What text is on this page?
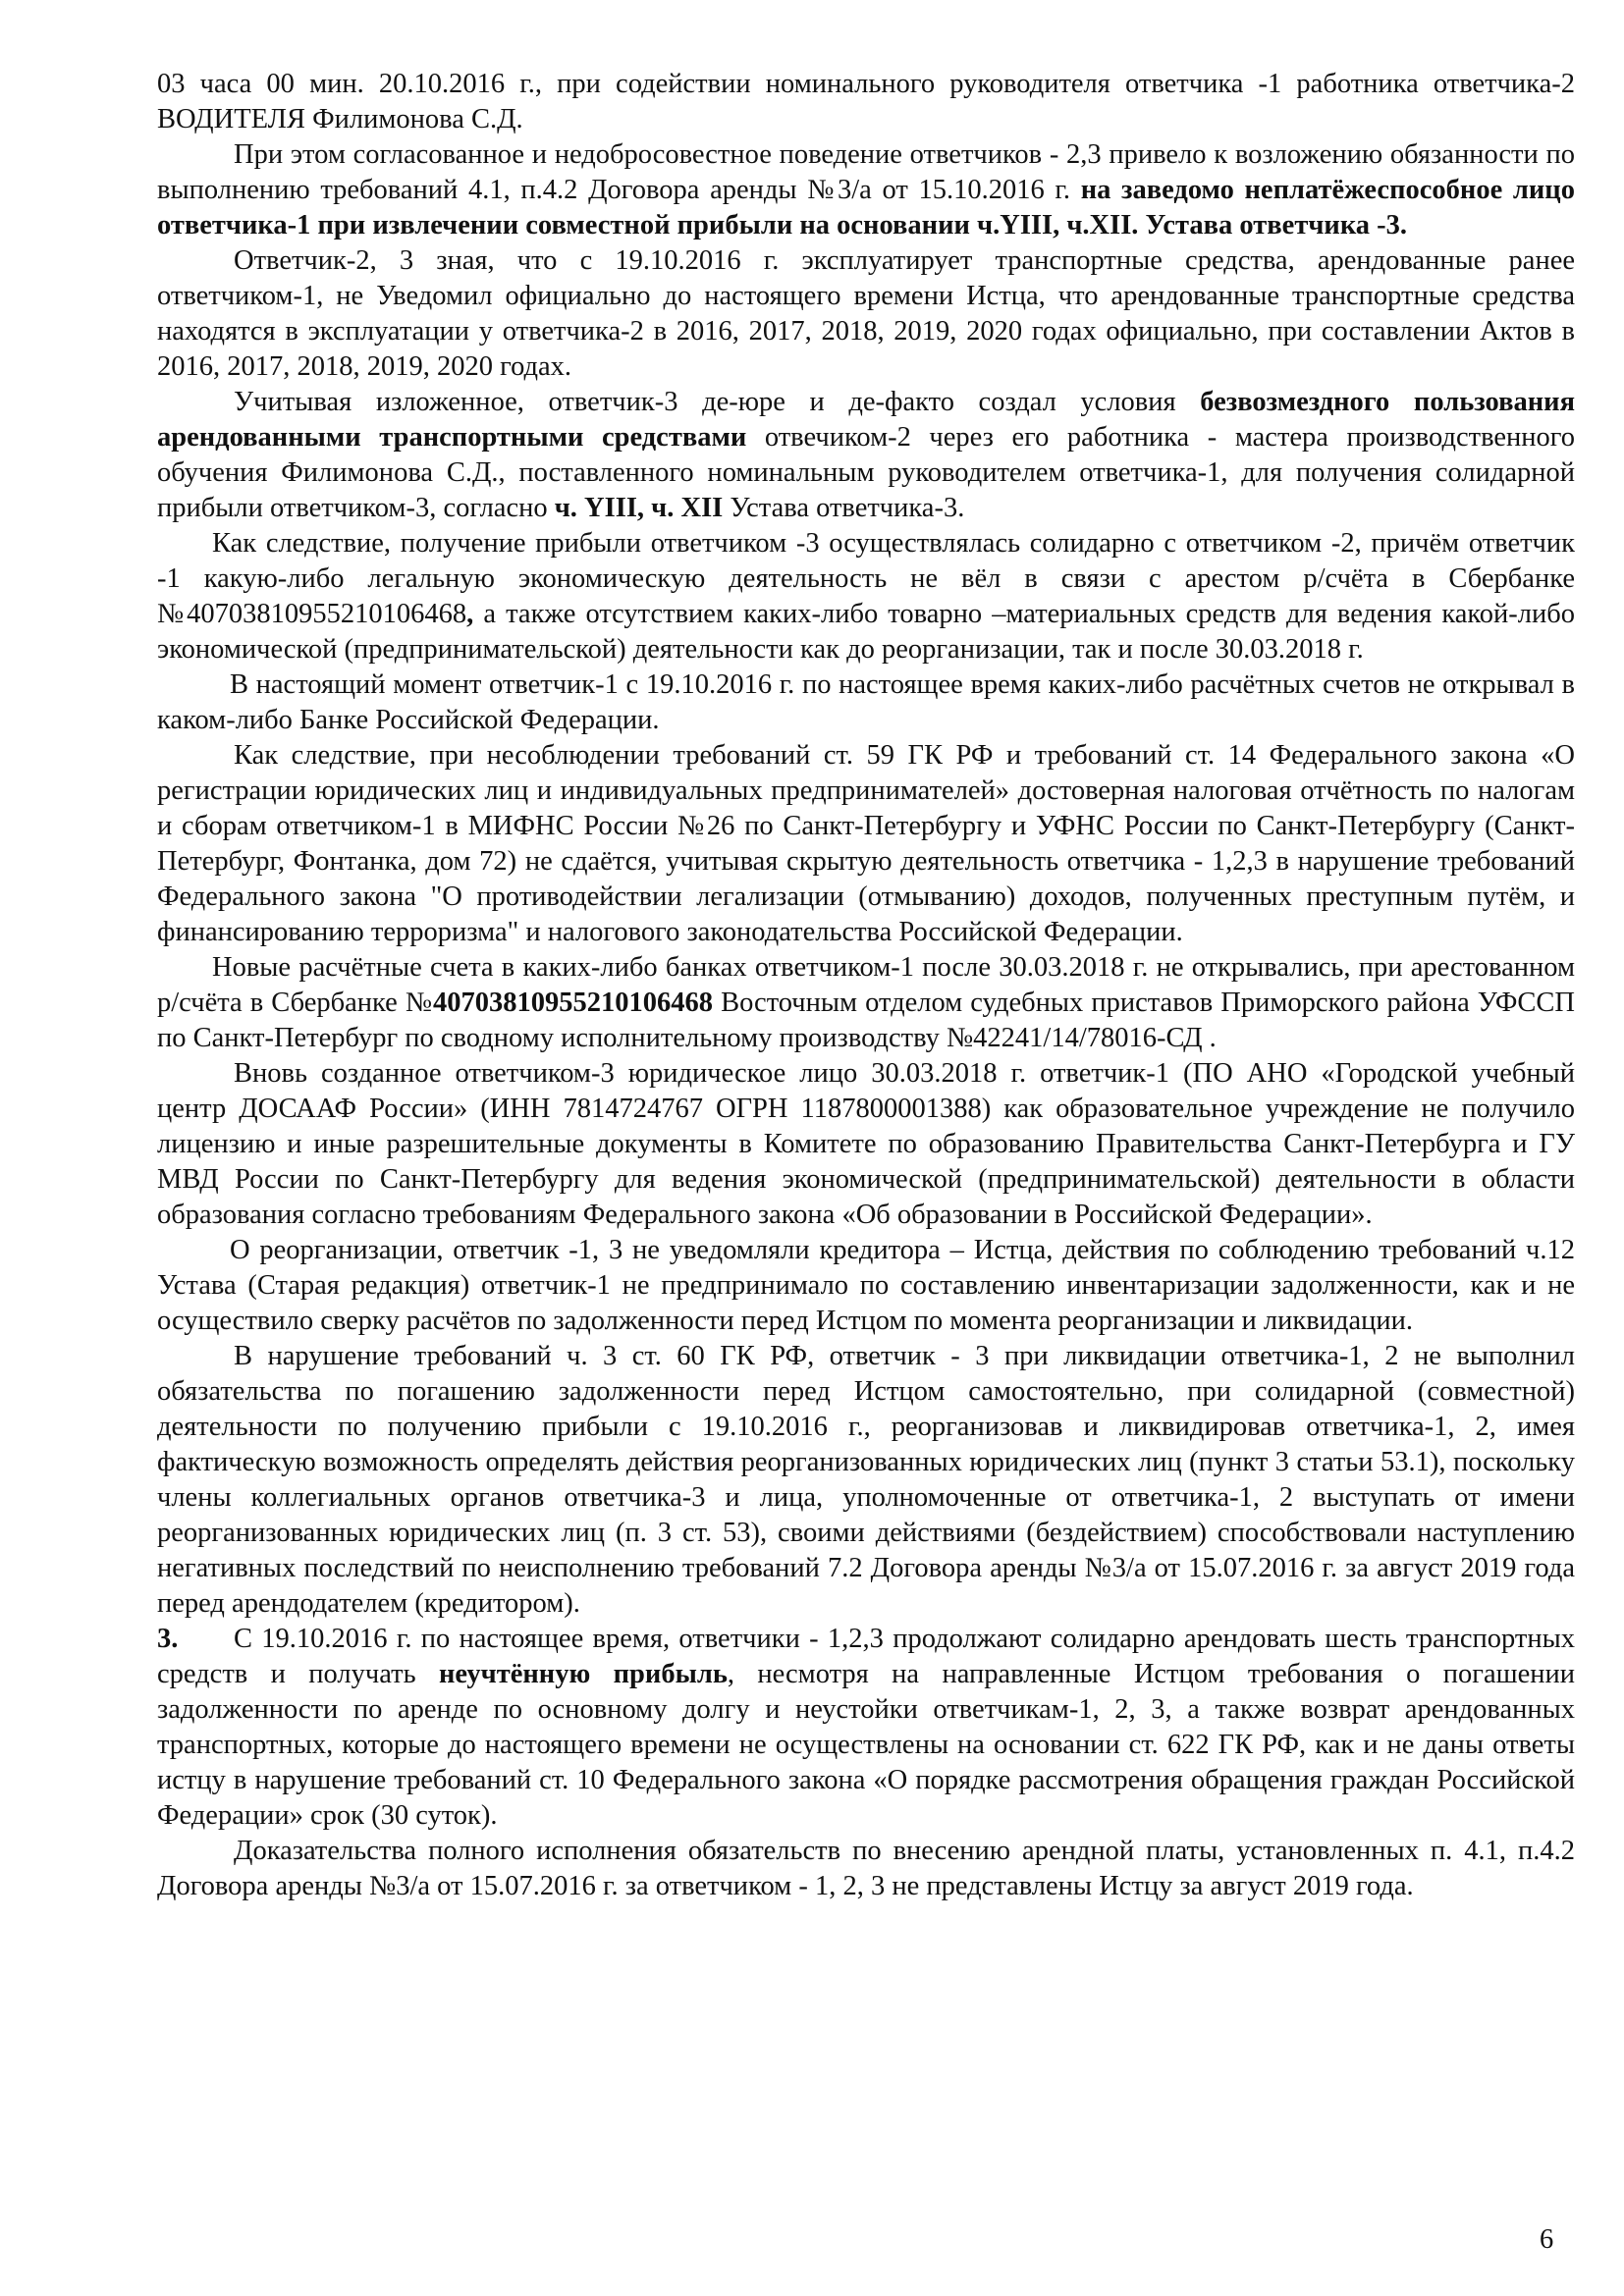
03 часа 00 мин. 20.10.2016 г., при содействии номинального руководителя ответчика -1 работника ответчика-2 ВОДИТЕЛЯ Филимонова С.Д.

При этом согласованное и недобросовестное поведение ответчиков - 2,3 привело к возложению обязанности по выполнению требований 4.1, п.4.2 Договора аренды №3/а от 15.10.2016 г. на заведомо неплатёжеспособное лицо ответчика-1 при извлечении совместной прибыли на основании ч.YIII, ч.XII. Устава ответчика -3.

Ответчик-2, 3 зная, что с 19.10.2016 г. эксплуатирует транспортные средства, арендованные ранее ответчиком-1, не Уведомил официально до настоящего времени Истца, что арендованные транспортные средства находятся в эксплуатации у ответчика-2 в 2016, 2017, 2018, 2019, 2020 годах официально, при составлении Актов в 2016, 2017, 2018, 2019, 2020 годах.

Учитывая изложенное, ответчик-3 де-юре и де-факто создал условия безвозмездного пользования арендованными транспортными средствами отвечиком-2 через его работника - мастера производственного обучения Филимонова С.Д., поставленного номинальным руководителем ответчика-1, для получения солидарной прибыли ответчиком-3, согласно ч. YIII, ч. XII Устава ответчика-3.

Как следствие, получение прибыли ответчиком -3 осуществлялась солидарно с ответчиком -2, причём ответчик -1 какую-либо легальную экономическую деятельность не вёл в связи с арестом р/счёта в Сбербанке №40703810955210106468, а также отсутствием каких-либо товарно –материальных средств для ведения какой-либо экономической (предпринимательской) деятельности как до реорганизации, так и после 30.03.2018 г.

В настоящий момент ответчик-1 с 19.10.2016 г. по настоящее время каких-либо расчётных счетов не открывал в каком-либо Банке Российской Федерации.

Как следствие, при несоблюдении требований ст. 59 ГК РФ и требований ст. 14 Федерального закона «О регистрации юридических лиц и индивидуальных предпринимателей» достоверная налоговая отчётность по налогам и сборам ответчиком-1 в МИФНС России №26 по Санкт-Петербургу и УФНС России по Санкт-Петербургу (Санкт-Петербург, Фонтанка, дом 72) не сдаётся, учитывая скрытую деятельность ответчика - 1,2,3 в нарушение требований Федерального закона "О противодействии легализации (отмыванию) доходов, полученных преступным путём, и финансированию терроризма" и налогового законодательства Российской Федерации.

Новые расчётные счета в каких-либо банках ответчиком-1 после 30.03.2018 г. не открывались, при арестованном р/счёта в Сбербанке №40703810955210106468 Восточным отделом судебных приставов Приморского района УФССП по Санкт-Петербург по сводному исполнительному производству №42241/14/78016-СД .

Вновь созданное ответчиком-3 юридическое лицо 30.03.2018 г. ответчик-1 (ПО АНО «Городской учебный центр ДОСААФ России» (ИНН 7814724767 ОГРН 1187800001388) как образовательное учреждение не получило лицензию и иные разрешительные документы в Комитете по образованию Правительства Санкт-Петербурга и ГУ МВД России по Санкт-Петербургу для ведения экономической (предпринимательской) деятельности в области образования согласно требованиям Федерального закона «Об образовании в Российской Федерации».

О реорганизации, ответчик -1, 3 не уведомляли кредитора – Истца, действия по соблюдению требований ч.12 Устава (Старая редакция) ответчик-1 не предпринимало по составлению инвентаризации задолженности, как и не осуществило сверку расчётов по задолженности перед Истцом по момента реорганизации и ликвидации.

В нарушение требований ч. 3 ст. 60 ГК РФ, ответчик - 3 при ликвидации ответчика-1, 2 не выполнил обязательства по погашению задолженности перед Истцом самостоятельно, при солидарной (совместной) деятельности по получению прибыли с 19.10.2016 г., реорганизовав и ликвидировав ответчика-1, 2, имея фактическую возможность определять действия реорганизованных юридических лиц (пункт 3 статьи 53.1), поскольку члены коллегиальных органов ответчика-3 и лица, уполномоченные от ответчика-1, 2 выступать от имени реорганизованных юридических лиц (п. 3 ст. 53), своими действиями (бездействием) способствовали наступлению негативных последствий по неисполнению требований 7.2 Договора аренды №3/а от 15.07.2016 г. за август 2019 года перед арендодателем (кредитором).

3. С 19.10.2016 г. по настоящее время, ответчики - 1,2,3 продолжают солидарно арендовать шесть транспортных средств и получать неучтённую прибыль, несмотря на направленные Истцом требования о погашении задолженности по аренде по основному долгу и неустойки ответчикам-1, 2, 3, а также возврат арендованных транспортных, которые до настоящего времени не осуществлены на основании ст. 622 ГК РФ, как и не даны ответы истцу в нарушение требований ст. 10 Федерального закона «О порядке рассмотрения обращения граждан Российской Федерации» срок (30 суток).

Доказательства полного исполнения обязательств по внесению арендной платы, установленных п. 4.1, п.4.2 Договора аренды №3/а от 15.07.2016 г. за ответчиком - 1, 2, 3 не представлены Истцу за август 2019 года.

6
